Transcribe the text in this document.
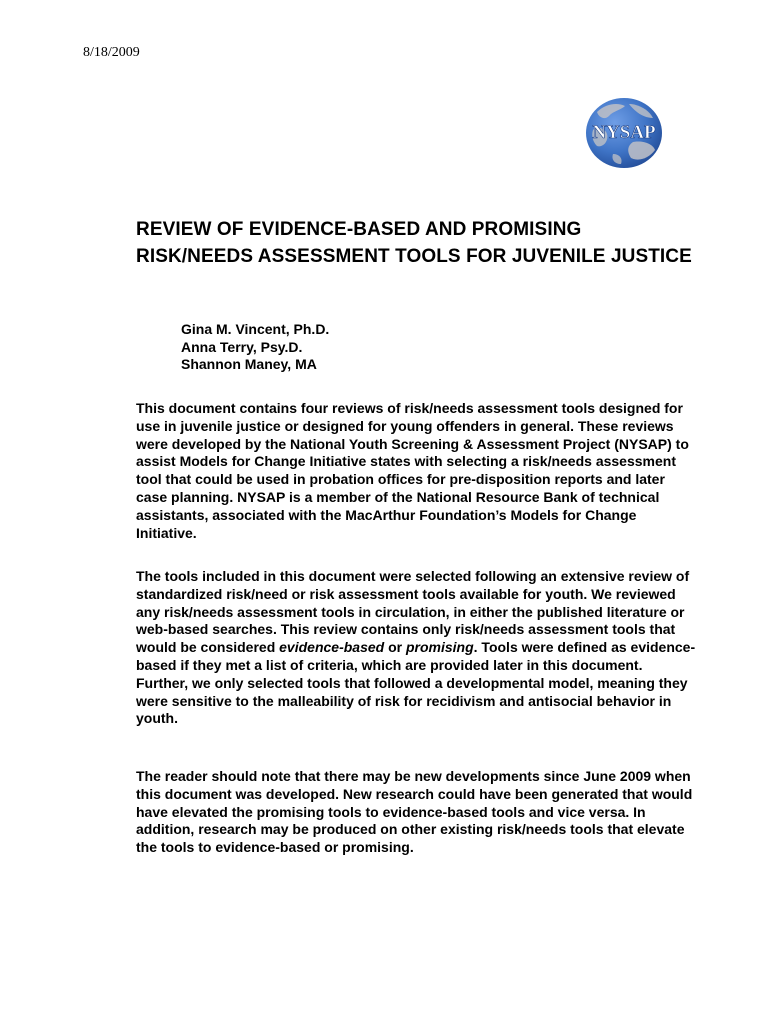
8/18/2009
NYSAP
REVIEW OF EVIDENCE-BASED AND PROMISING RISK/NEEDS ASSESSMENT TOOLS FOR JUVENILE JUSTICE
Gina M. Vincent, Ph.D.
Anna Terry, Psy.D.
Shannon Maney, MA

This document contains four reviews of risk/needs assessment tools designed for use in juvenile justice or designed for young offenders in general. These reviews were developed by the National Youth Screening & Assessment Project (NYSAP) to assist Models for Change Initiative states with selecting a risk/needs assessment tool that could be used in probation offices for pre-disposition reports and later case planning. NYSAP is a member of the National Resource Bank of technical assistants, associated with the MacArthur Foundation’s Models for Change Initiative.

The tools included in this document were selected following an extensive review of standardized risk/need or risk assessment tools available for youth. We reviewed any risk/needs assessment tools in circulation, in either the published literature or web-based searches. This review contains only risk/needs assessment tools that would be considered evidence-based or promising. Tools were defined as evidence-based if they met a list of criteria, which are provided later in this document. Further, we only selected tools that followed a developmental model, meaning they were sensitive to the malleability of risk for recidivism and antisocial behavior in youth.

The reader should note that there may be new developments since June 2009 when this document was developed. New research could have been generated that would have elevated the promising tools to evidence-based tools and vice versa. In addition, research may be produced on other existing risk/needs tools that elevate the tools to evidence-based or promising.
